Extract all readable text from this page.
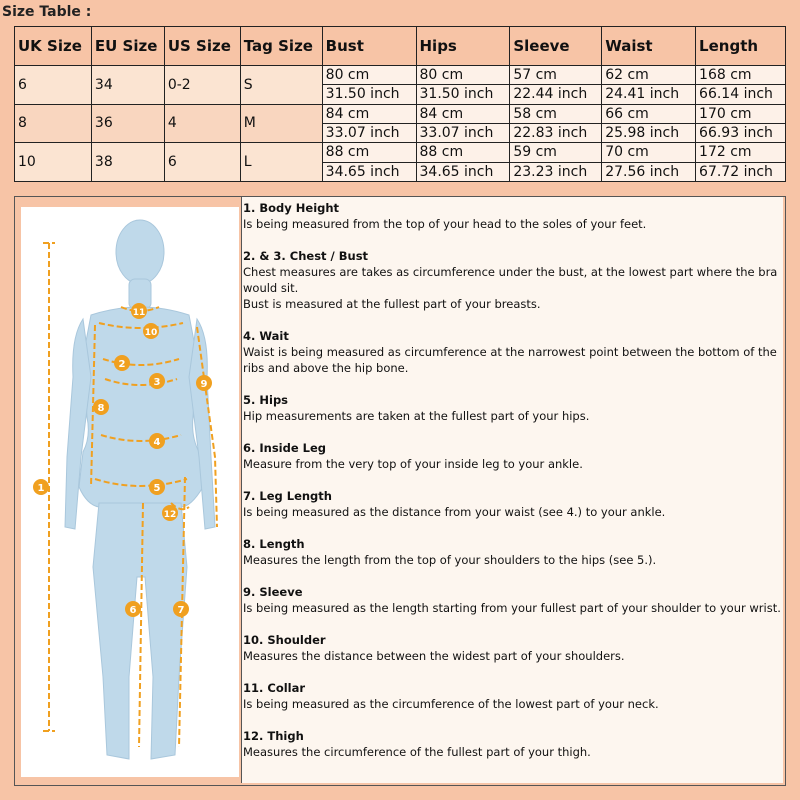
Size Table :
UK Size	EU Size	US Size	Tag Size	Bust	Hips	Sleeve	Waist	Length
6	34	0-2	S	80 cm	80 cm	57 cm	62 cm	168 cm
				31.50 inch	31.50 inch	22.44 inch	24.41 inch	66.14 inch
8	36	4	M	84 cm	84 cm	58 cm	66 cm	170 cm
				33.07 inch	33.07 inch	22.83 inch	25.98 inch	66.93 inch
10	38	6	L	88 cm	88 cm	59 cm	70 cm	172 cm
				34.65 inch	34.65 inch	23.23 inch	27.56 inch	67.72 inch
1
2
3
4
5
6	7
8
9
10
11
12
1. Body Height

Is being measured from the top of your head to the soles of your feet.

2. & 3. Chest / Bust

Chest measures are takes as circumference under the bust, at the lowest part where the bra would sit.

Bust is measured at the fullest part of your breasts.

4. Wait

Waist is being measured as circumference at the narrowest point between the bottom of the ribs and above the hip bone.

5. Hips

Hip measurements are taken at the fullest part of your hips.

6. Inside Leg

Measure from the very top of your inside leg to your ankle.

7. Leg Length

Is being measured as the distance from your waist (see 4.) to your ankle.

8. Length

Measures the length from the top of your shoulders to the hips (see 5.).

9. Sleeve

Is being measured as the length starting from your fullest part of your shoulder to your wrist.

10. Shoulder

Measures the distance between the widest part of your shoulders.

11. Collar

Is being measured as the circumference of the lowest part of your neck.

12. Thigh

Measures the circumference of the fullest part of your thigh.
